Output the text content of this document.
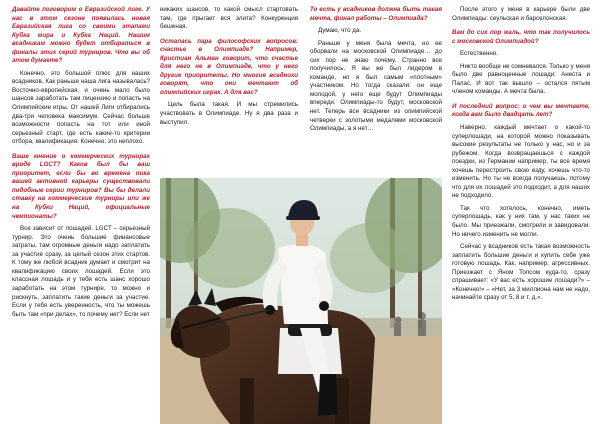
Давайте поговорим о Евразийской лиге. У нас в этом сезоне появилась новая Евразийская лига со своими этапами Кубка мира и Кубка Наций. Нашим всадникам можно будет отбираться в финалы этих серий турниров. Что вы об этом думаете?

Конечно, это большой плюс для наших всадников. Как раньше наша лига называлась? Восточно-европейская, и очень мало было шансов заработать там лицензию и попасть на Олимпийские игры. От нашей Лиги отбирались два-три человека максимум. Сейчас больше возможности попасть на тот или иной серьезный старт, где есть какие-то критерии отбора, квалификация. Конечно, это неплохо.

Ваше мнение о коммерческих турнирах вроде LGCT? Каков был бы ваш приоритет, если бы во времена пика вашей активной карьеры существовали подобные серии турниров? Вы бы делали ставку на коммерческие турниры или же на Кубки Наций, официальные чемпионаты?

Все зависит от лошадей. LGCT – серьезный турнир. Это очень большие финансовые затраты, там огромные деньги надо заплатить за участие сразу, за целый сезон этих стартов. К тому же любой всадник думает и смотрит на квалификацию своих лошадей. Если это классная лошадь и у тебя есть шанс хорошо заработать на этом турнире, то можно и рискнуть, заплатить такие деньги за участие. Если у тебя есть уверенность, что ты можешь быть там «при делах», то почему нет? Если нет

никаких шансов, то какой смысл стартовать там, где прыгает вся элита? Конкуренция бешеная.

Осталась пара философских вопросов: счастье в Олимпиаде? Например, Кристиан Альман говорит, что счастье для него не в Олимпиаде, что у него другие приоритеты. Но многие всадники говорят, что они мечтают об олимпийских играх. А для вас?

Цель была такая. И мы стремились участвовать в Олимпиаде. Ну я два раза и выступил.

То есть у всадников должна быть такая мечта, финал работы – Олимпиада?

Думаю, что да.

Раньше у меня была мечта, но ее оборвали на московской Олимпиаде… до сих пор не знаю почему. Странно все получилось. Я вы же был лидером в команде, но я был самым «плотным» участником. Но тогда сказали: он еще молодой, у него еще будут Олимпиады впереди. Олимпиады-то будут, московской нет. Теперь все всадники из олимпийской четверки с золотыми медалями московской Олимпиады, а я нет…

После этого у меня в карьере были две Олимпиады: сеульская и барселонская.

Вам до сих пор жаль, что так получилось с московской Олимпиадой?

Естественно.

Никто вообще не сомневался. Только у меня было две равноценные лошади: Анеста и Палас. И вот так вышло – остался пятым членом команды. А мечта была.

И последний вопрос: о чем вы мечтаете, когда вам было двадцать лет?

Наверно, каждый мечтает о какой-то суперлошади, на которой можно показывать высокие результаты не только у нас, но и за рубежом. Когда возвращаешься с каждой поездки, из Германии например, ты все время хочешь перестроить свою езду, хочешь что-то изменить. Но ты не всегда получаешь, потому что для их лошадей это подходит, а для наших не подходило.

Так что хотелось, конечно, иметь суперлошадь, как у них там, у нас таких не было. Мы приезжали, смотрели и завидовали. Но ничего изменить не могли.

Сейчас у всадников есть такая возможность заплатить большие деньги и купить себе уже готовую лошадь. Как, например, агрессивных. Приезжает с Яном Топсом куда-то, сразу спрашивает: «У вас есть хорошие лошади?» – «Конечно!» – «Нет, за 3 миллиона нам не надо, начинайте сразу от 5, 8 и т. д.».
